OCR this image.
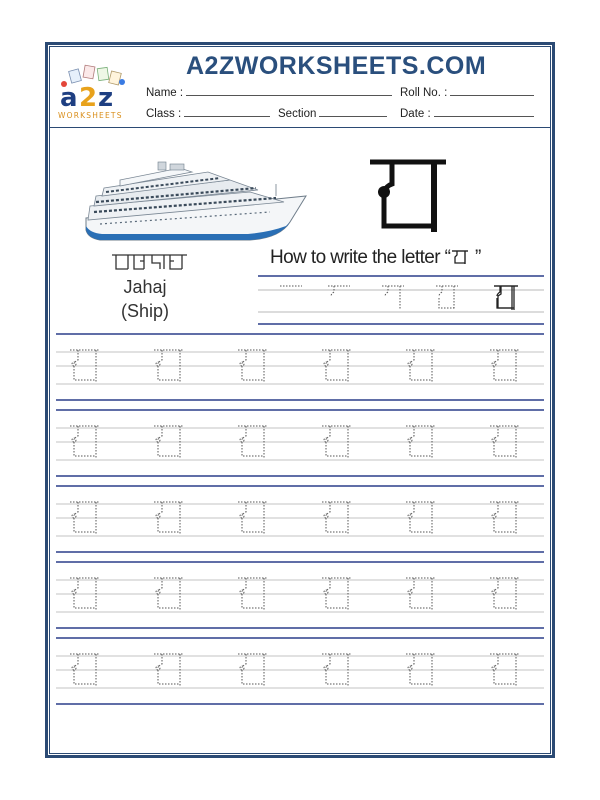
a 2 z
WORKSHEETS
A2ZWORKSHEETS.COM
Name :	Roll No. :
Class :	Section	Date :
Jahaj
(Ship)
How to write the letter “
”
